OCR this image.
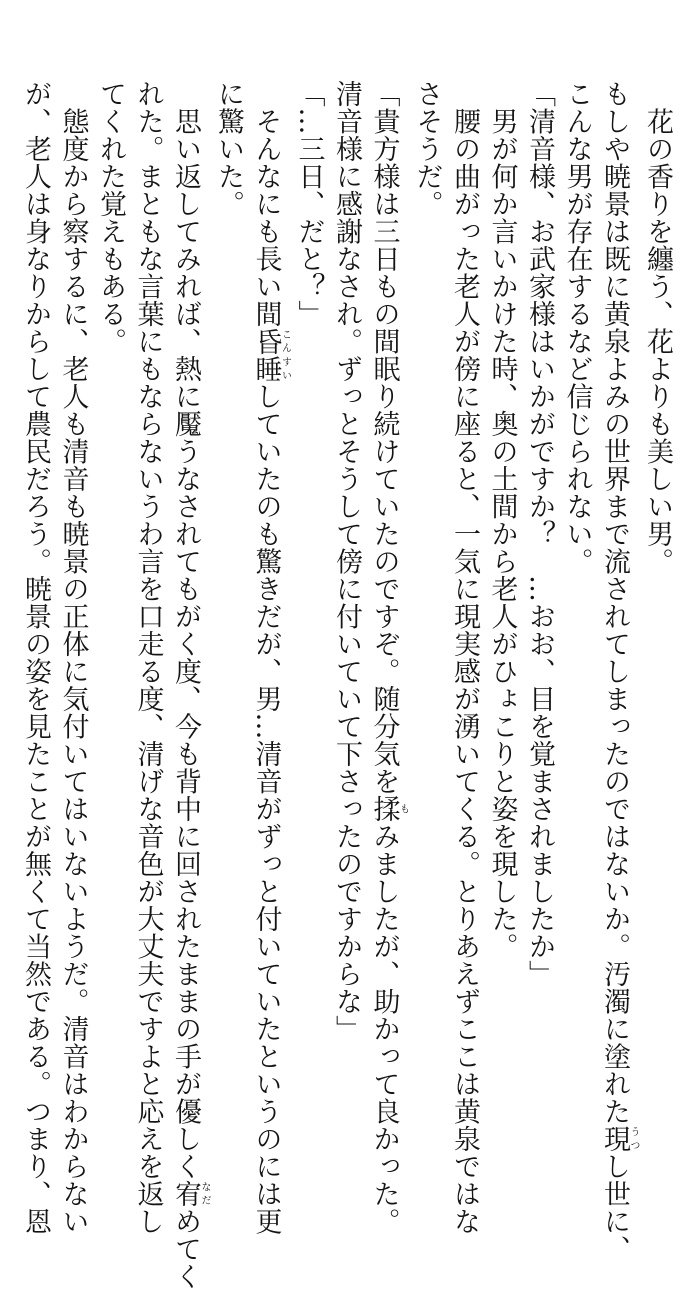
　花の香りを纏う、花よりも美しい男。
もしや暁景は既に黄泉よみの世界まで流されてしまったのではないか。汚濁に塗れた現うつし世に、
こんな男が存在するなど信じられない。
「清音様、お武家様はいかがですか？　…おお、目を覚まされましたか」
　男が何か言いかけた時、奥の土間から老人がひょこりと姿を現した。
　腰の曲がった老人が傍に座ると、一気に現実感が湧いてくる。とりあえずここは黄泉ではな
さそうだ。
「貴方様は三日もの間眠り続けていたのですぞ。随分気を揉もみましたが、助かって良かった。
清音様に感謝なされ。ずっとそうして傍に付いていて下さったのですからな」
「…三日、だと？」
　そんなにも長い間昏睡こんすいしていたのも驚きだが、男…清音がずっと付いていたというのには更
に驚いた。
　思い返してみれば、熱に魘うなされてもがく度、今も背中に回されたままの手が優しく宥なだめてく
れた。まともな言葉にもならないうわ言を口走る度、清げな音色が大丈夫ですよと応えを返し
てくれた覚えもある。
　態度から察するに、老人も清音も暁景の正体に気付いてはいないようだ。清音はわからない
が、老人は身なりからして農民だろう。暁景の姿を見たことが無くて当然である。つまり、恩
